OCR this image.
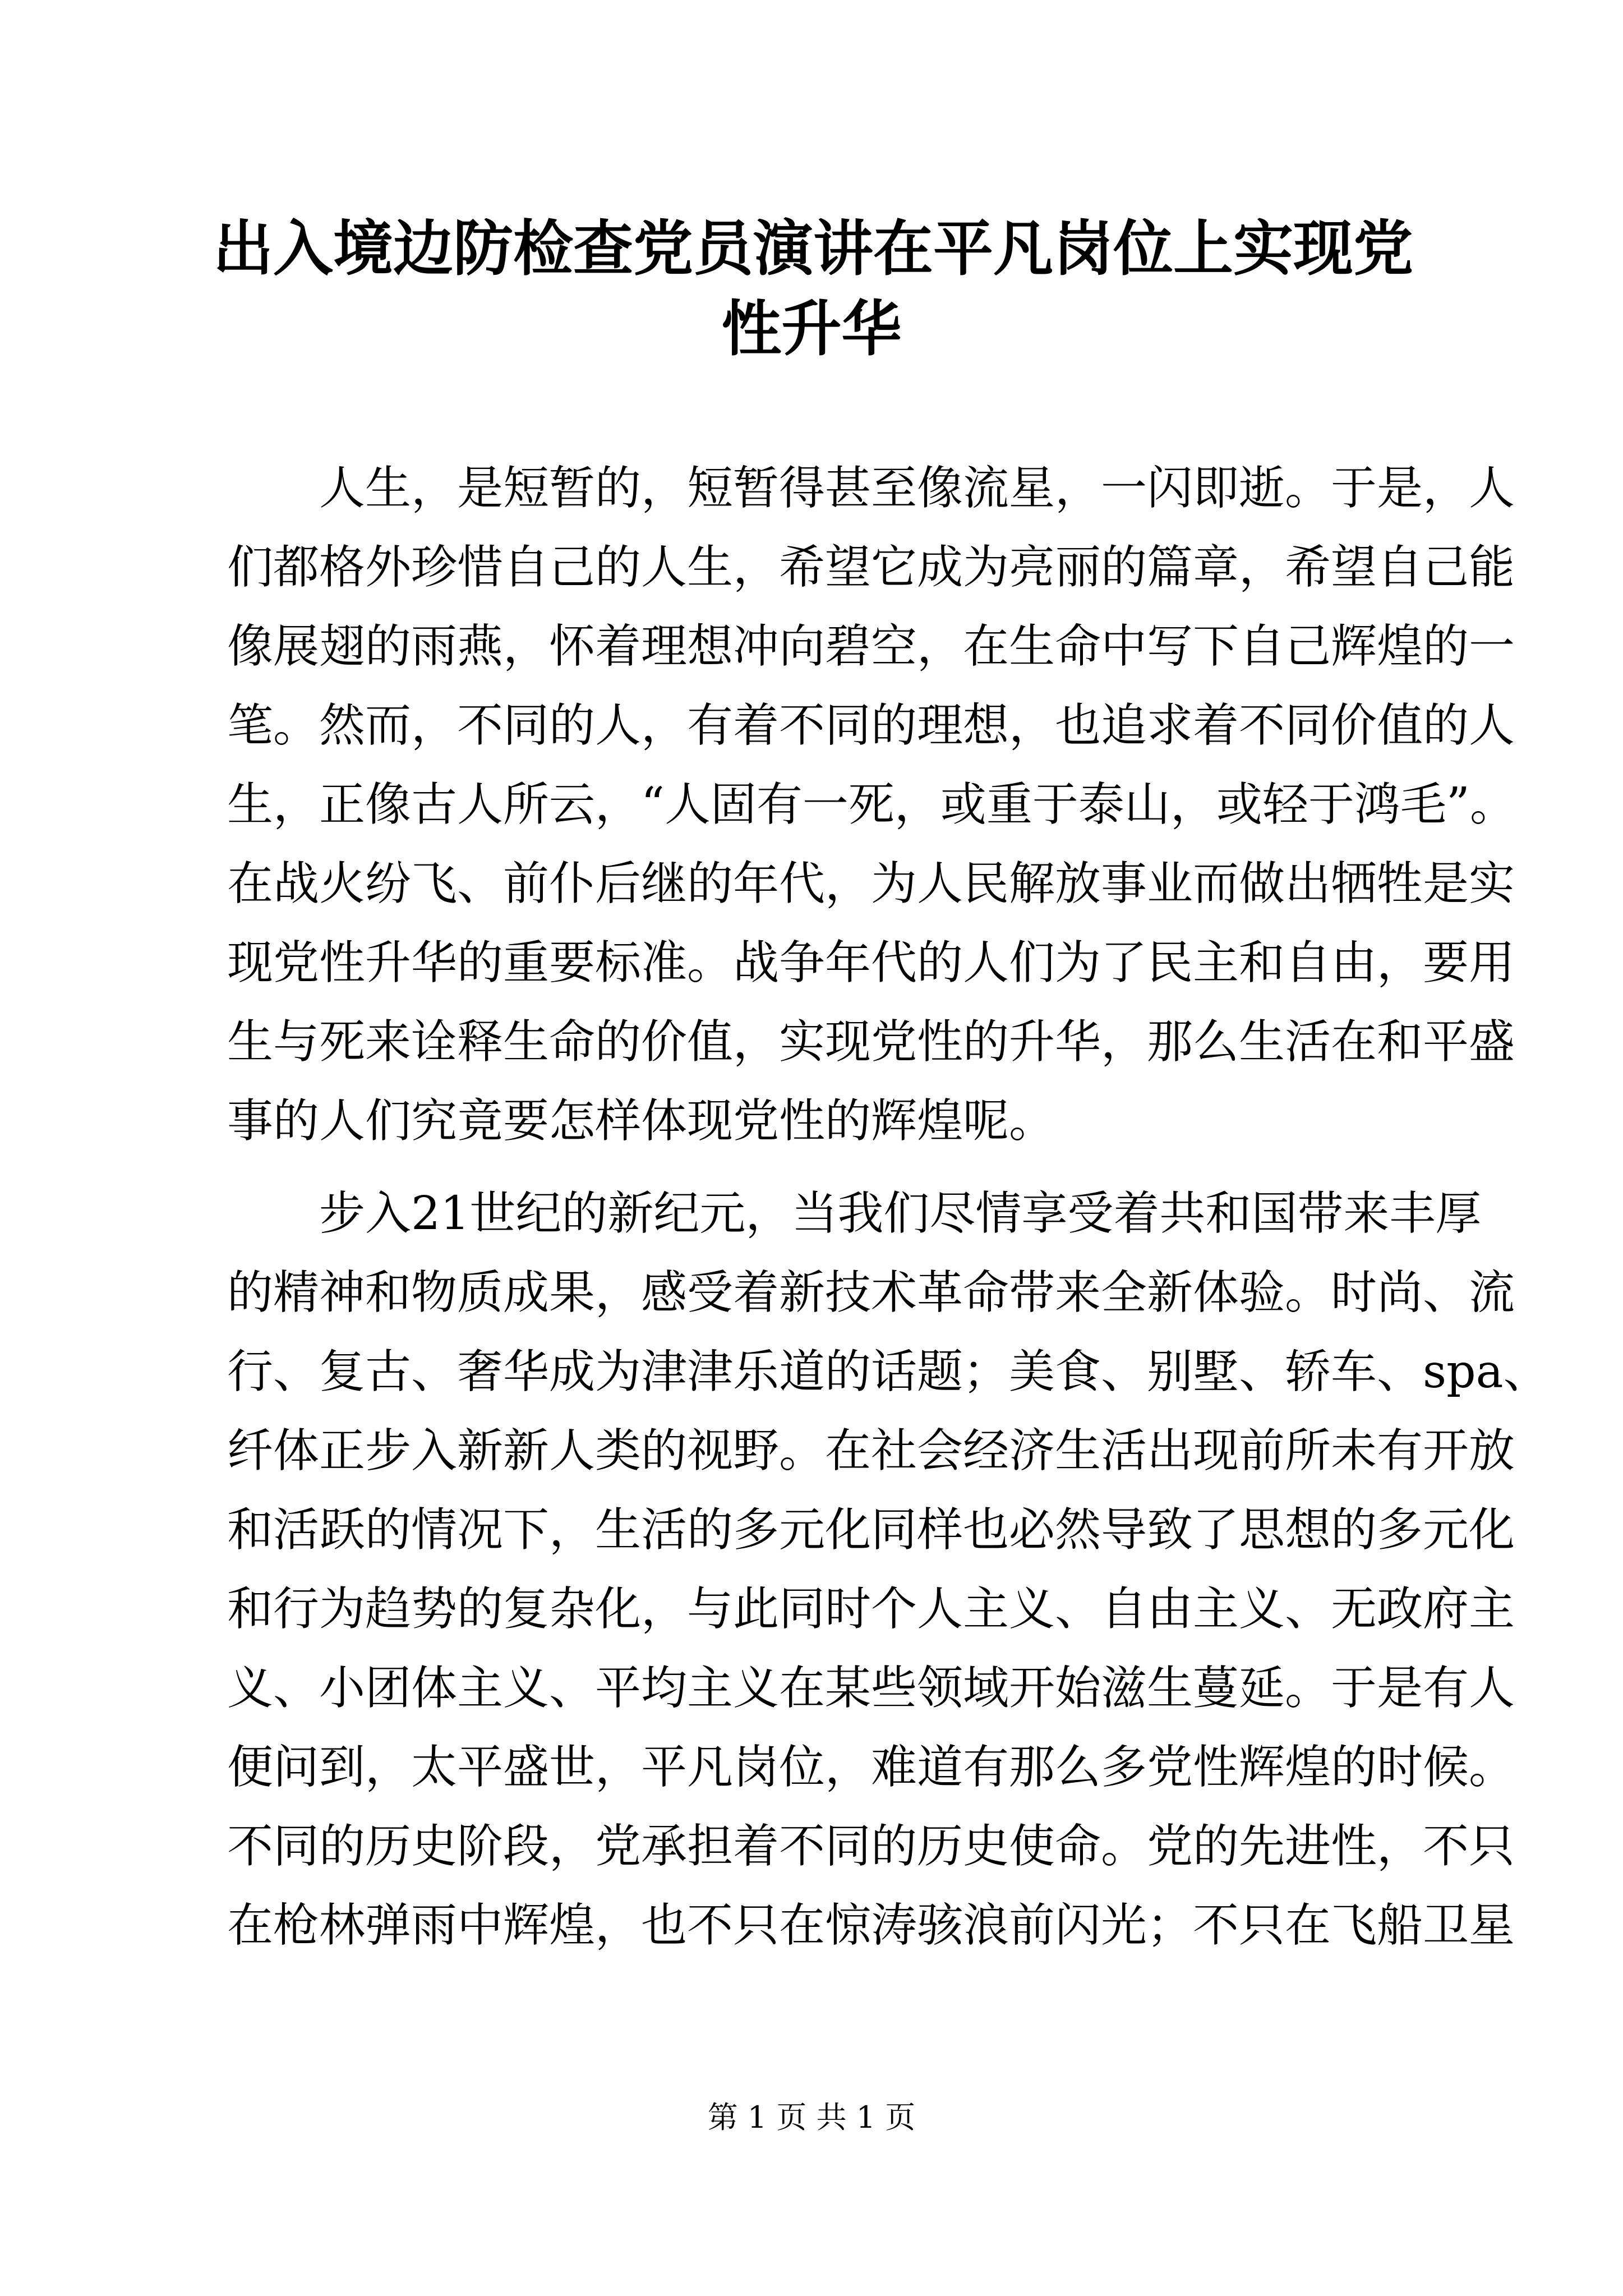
出入境边防检查党员演讲在平凡岗位上实现党
性升华
人生，是短暂的，短暂得甚至像流星，一闪即逝。于是，人
们都格外珍惜自己的人生，希望它成为亮丽的篇章，希望自己能
像展翅的雨燕，怀着理想冲向碧空，在生命中写下自己辉煌的一
笔。然而，不同的人，有着不同的理想，也追求着不同价值的人
生，正像古人所云，“人固有一死，或重于泰山，或轻于鸿毛”。
在战火纷飞、前仆后继的年代，为人民解放事业而做出牺牲是实
现党性升华的重要标准。战争年代的人们为了民主和自由，要用
生与死来诠释生命的价值，实现党性的升华，那么生活在和平盛
事的人们究竟要怎样体现党性的辉煌呢。
步入21世纪的新纪元，当我们尽情享受着共和国带来丰厚
的精神和物质成果，感受着新技术革命带来全新体验。时尚、流
行、复古、奢华成为津津乐道的话题；美食、别墅、轿车、spa、
纤体正步入新新人类的视野。在社会经济生活出现前所未有开放
和活跃的情况下，生活的多元化同样也必然导致了思想的多元化
和行为趋势的复杂化，与此同时个人主义、自由主义、无政府主
义、小团体主义、平均主义在某些领域开始滋生蔓延。于是有人
便问到，太平盛世，平凡岗位，难道有那么多党性辉煌的时候。
不同的历史阶段，党承担着不同的历史使命。党的先进性，不只
在枪林弹雨中辉煌，也不只在惊涛骇浪前闪光；不只在飞船卫星
第 1 页 共 1 页
